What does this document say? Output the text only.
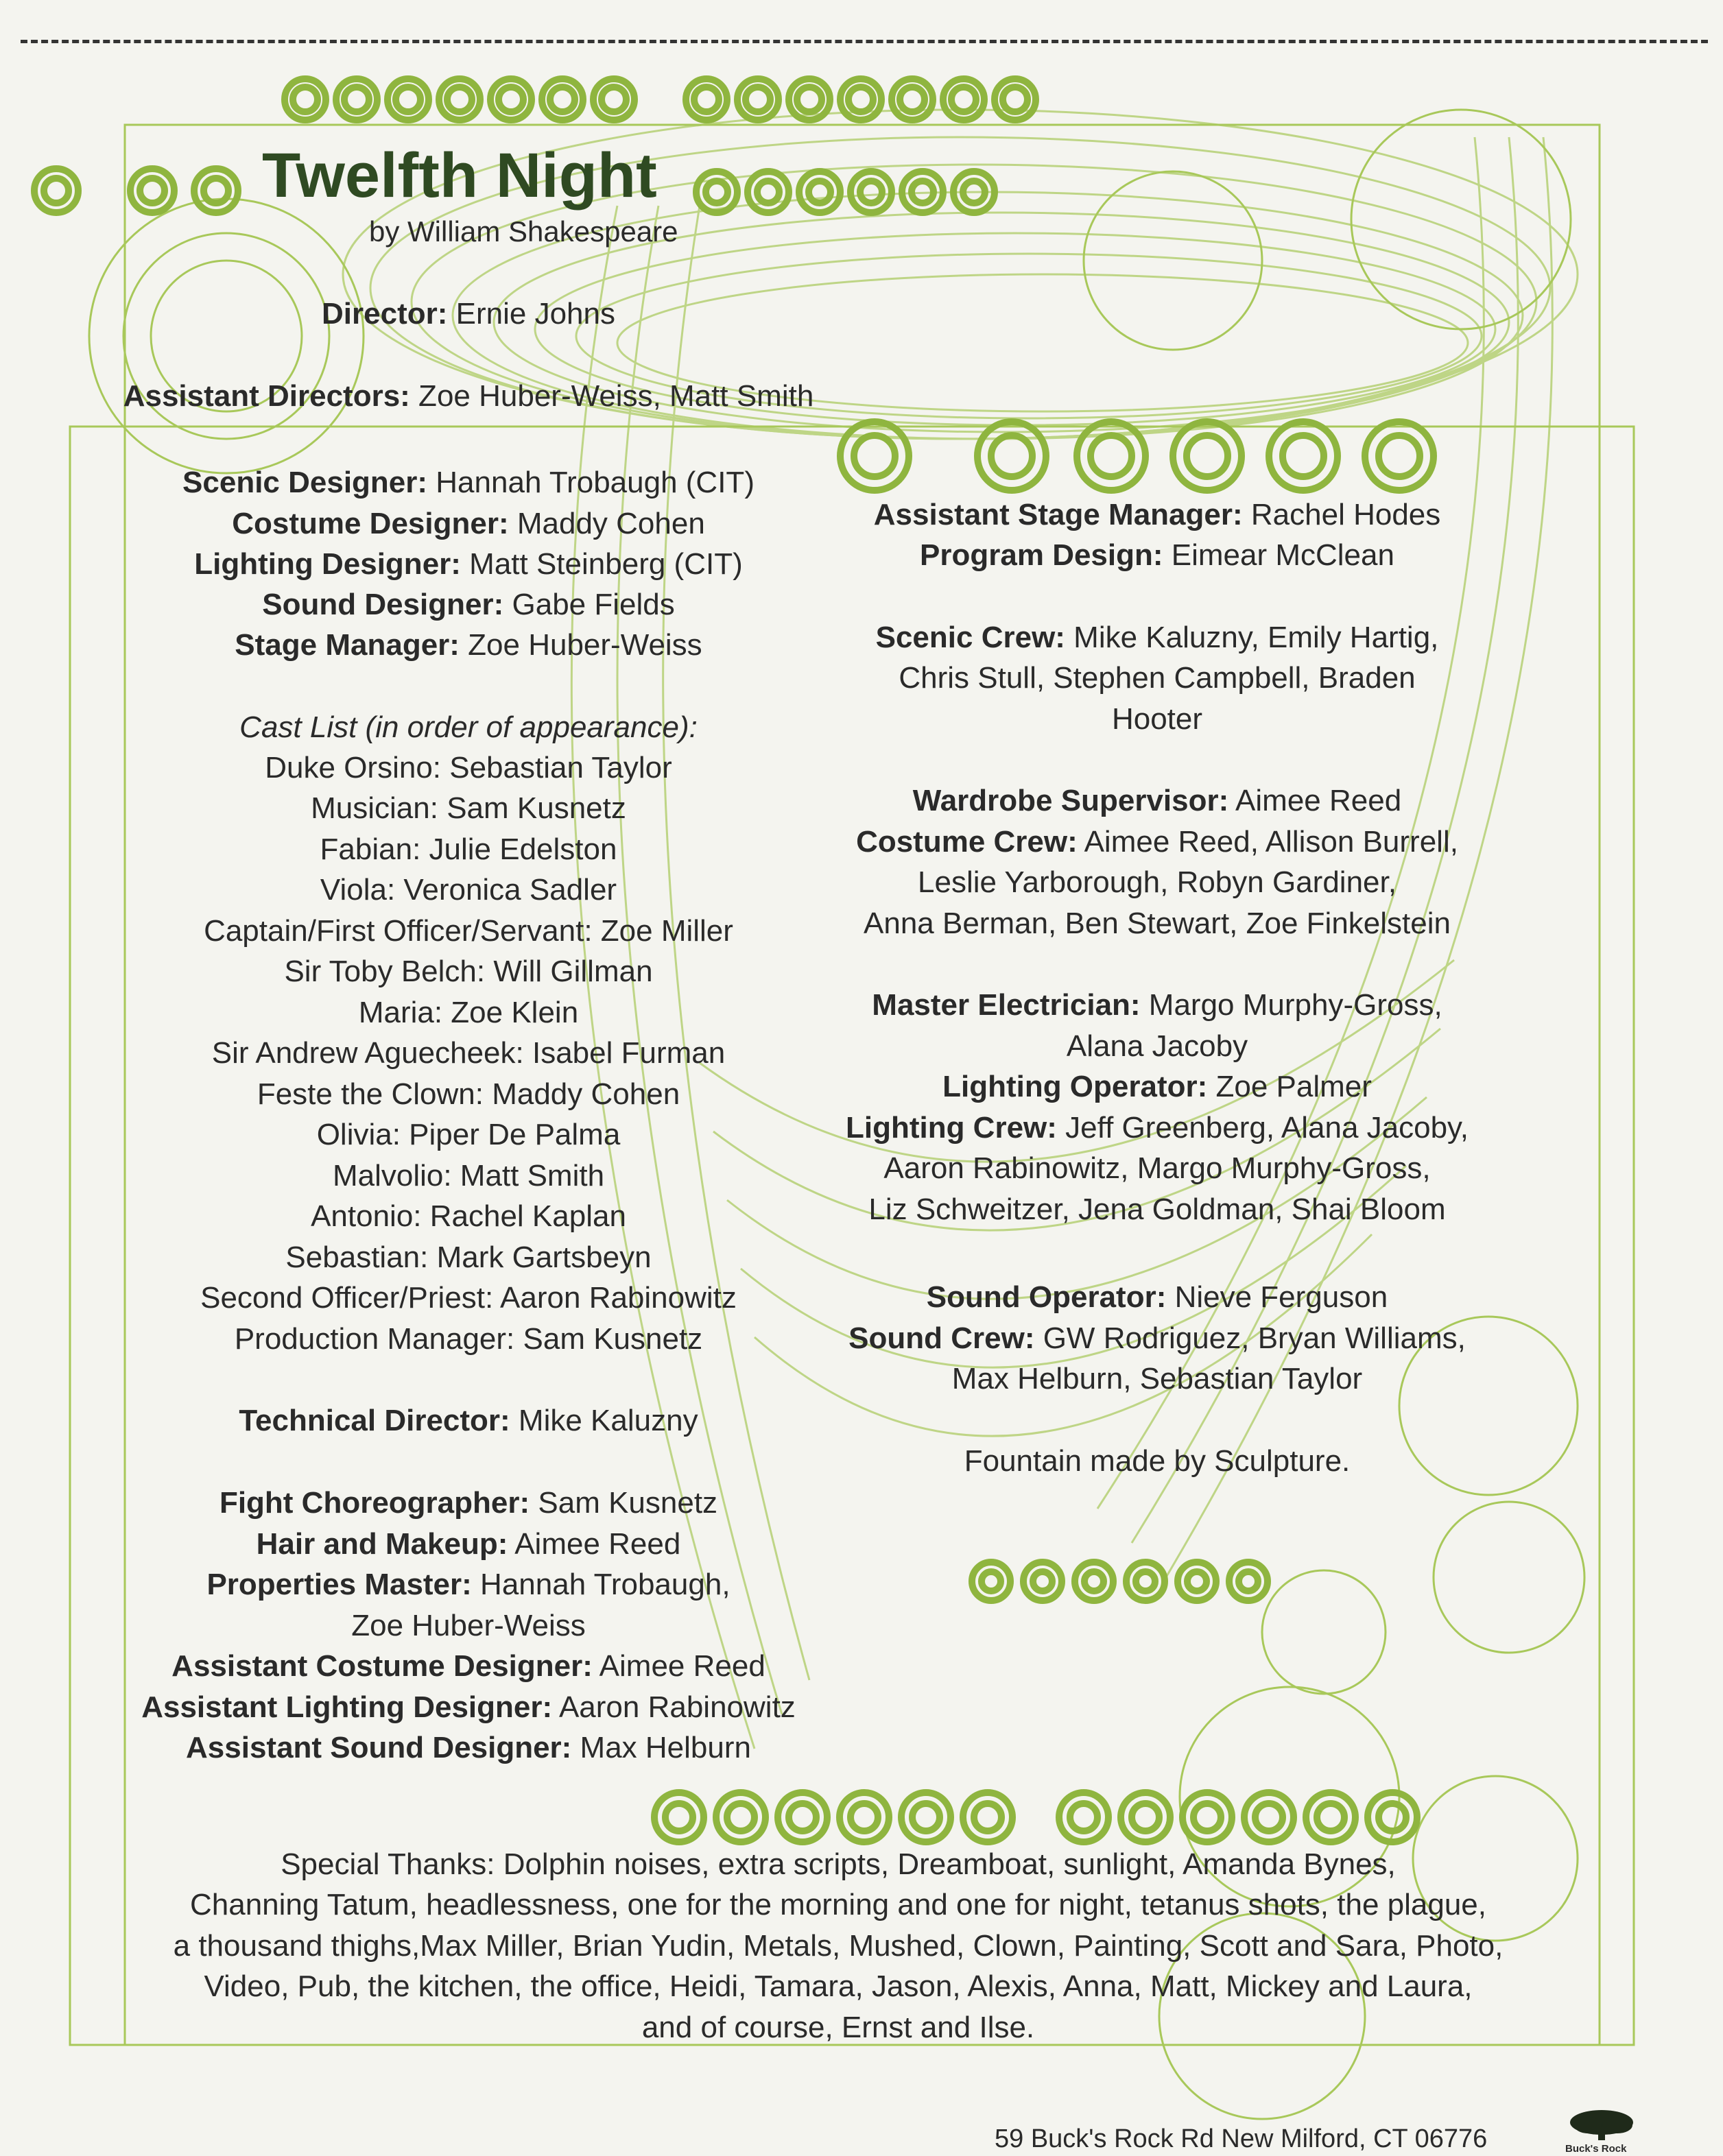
Twelfth Night
by William Shakespeare
Director: Ernie Johns
Assistant Directors: Zoe Huber-Weiss, Matt Smith
Scenic Designer: Hannah Trobaugh (CIT)
Costume Designer: Maddy Cohen
Lighting Designer: Matt Steinberg (CIT)
Sound Designer: Gabe Fields
Stage Manager: Zoe Huber-Weiss
Cast List (in order of appearance):
Duke Orsino: Sebastian Taylor
Musician: Sam Kusnetz
Fabian: Julie Edelston
Viola: Veronica Sadler
Captain/First Officer/Servant: Zoe Miller
Sir Toby Belch: Will Gillman
Maria: Zoe Klein
Sir Andrew Aguecheek: Isabel Furman
Feste the Clown: Maddy Cohen
Olivia: Piper De Palma
Malvolio: Matt Smith
Antonio: Rachel Kaplan
Sebastian: Mark Gartsbeyn
Second Officer/Priest: Aaron Rabinowitz
Production Manager: Sam Kusnetz
Technical Director: Mike Kaluzny
Fight Choreographer: Sam Kusnetz
Hair and Makeup: Aimee Reed
Properties Master: Hannah Trobaugh,
Zoe Huber-Weiss
Assistant Costume Designer: Aimee Reed
Assistant Lighting Designer: Aaron Rabinowitz
Assistant Sound Designer: Max Helburn
Assistant Stage Manager: Rachel Hodes
Program Design: Eimear McClean
Scenic Crew: Mike Kaluzny, Emily Hartig,
Chris Stull, Stephen Campbell, Braden
Hooter
Wardrobe Supervisor: Aimee Reed
Costume Crew: Aimee Reed, Allison Burrell,
Leslie Yarborough, Robyn Gardiner,
Anna Berman, Ben Stewart, Zoe Finkelstein
Master Electrician: Margo Murphy-Gross,
Alana Jacoby
Lighting Operator: Zoe Palmer
Lighting Crew: Jeff Greenberg, Alana Jacoby,
Aaron Rabinowitz, Margo Murphy-Gross,
Liz Schweitzer, Jena Goldman, Shai Bloom
Sound Operator: Nieve Ferguson
Sound Crew: GW Rodriguez, Bryan Williams,
Max Helburn, Sebastian Taylor
Fountain made by Sculpture.
Special Thanks: Dolphin noises, extra scripts, Dreamboat, sunlight, Amanda Bynes,
Channing Tatum, headlessness, one for the morning and one for night, tetanus shots, the plague,
a thousand thighs,Max Miller, Brian Yudin, Metals, Mushed, Clown, Painting, Scott and Sara, Photo,
Video, Pub, the kitchen, the office, Heidi, Tamara, Jason, Alexis, Anna, Matt, Mickey and Laura,
and of course, Ernst and Ilse.
59 Buck's Rock Rd New Milford, CT 06776	Buck's Rock
